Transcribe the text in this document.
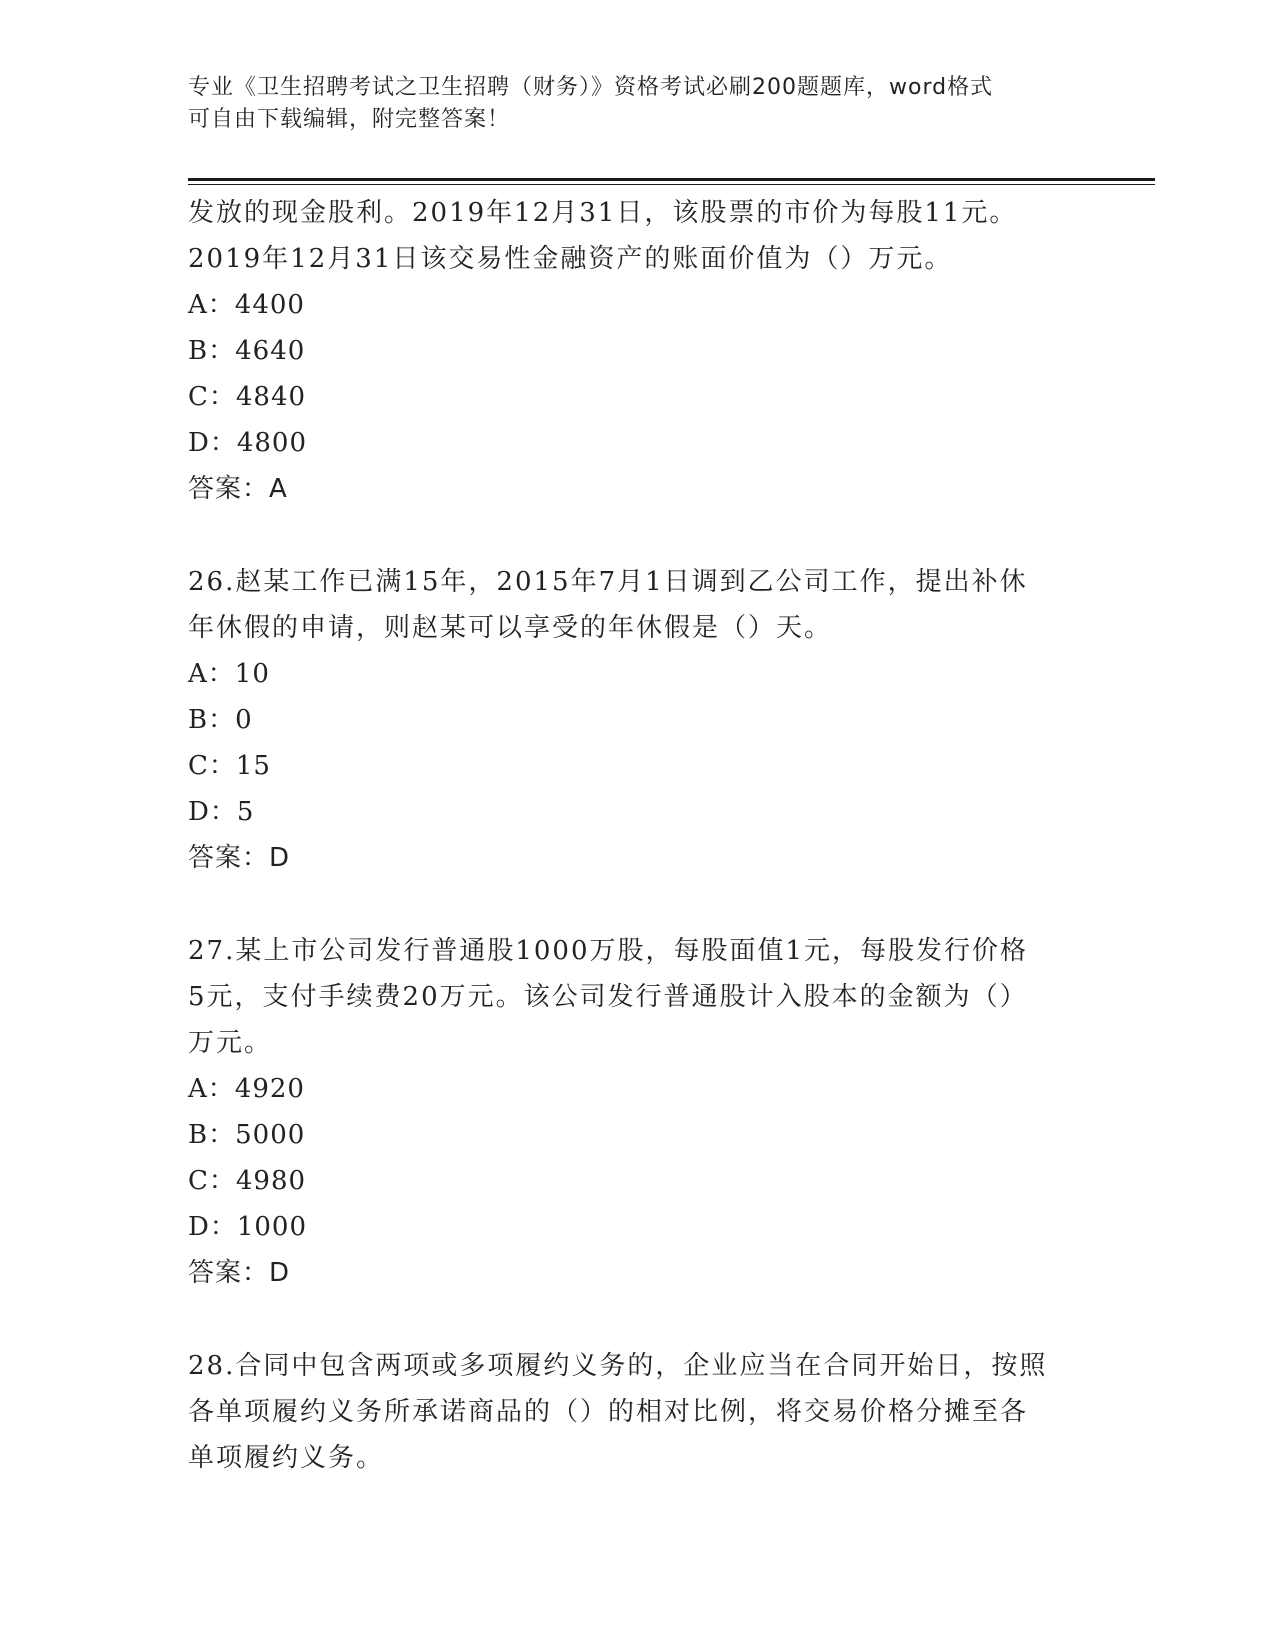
专业《卫生招聘考试之卫生招聘（财务）》资格考试必刷200题题库，word格式
可自由下载编辑，附完整答案！
发放的现金股利。2019年12月31日，该股票的市价为每股11元。
2019年12月31日该交易性金融资产的账面价值为（）万元。
A：4400
B：4640
C：4840
D：4800
答案：A
26.赵某工作已满15年，2015年7月1日调到乙公司工作，提出补休
年休假的申请，则赵某可以享受的年休假是（）天。
A：10
B：0
C：15
D：5
答案：D
27.某上市公司发行普通股1000万股，每股面值1元，每股发行价格
5元，支付手续费20万元。该公司发行普通股计入股本的金额为（）
万元。
A：4920
B：5000
C：4980
D：1000
答案：D
28.合同中包含两项或多项履约义务的，企业应当在合同开始日，按照
各单项履约义务所承诺商品的（）的相对比例，将交易价格分摊至各
单项履约义务。
